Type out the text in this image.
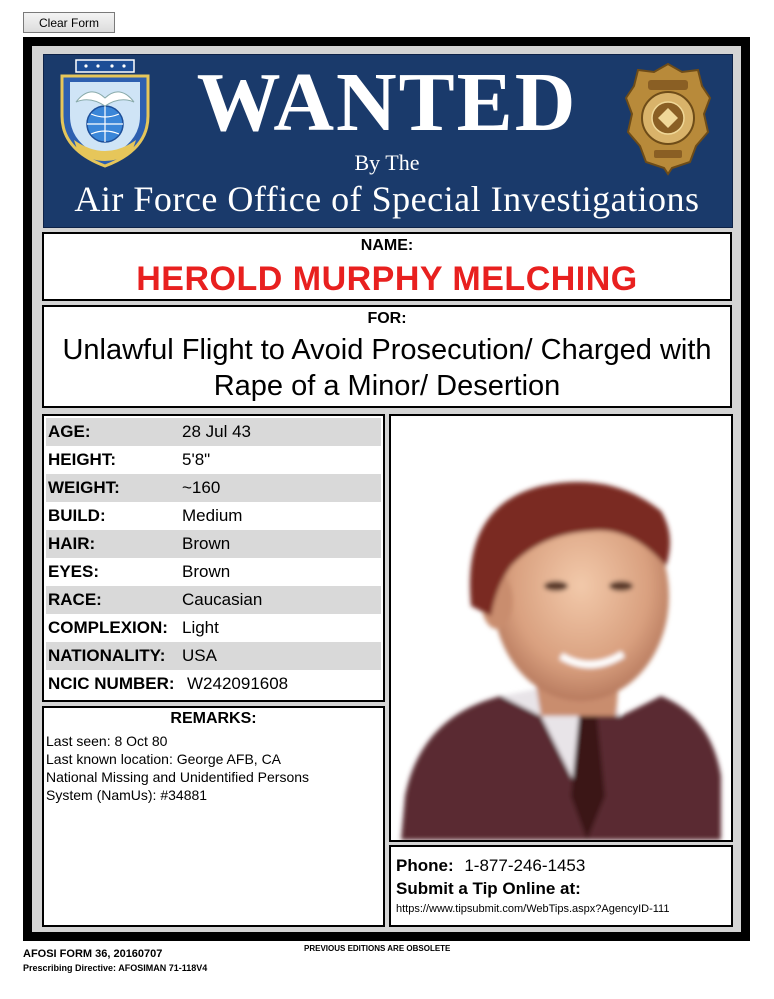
Clear Form
WANTED
By The
Air Force Office of Special Investigations
NAME:
HEROLD MURPHY MELCHING
FOR:
Unlawful Flight to Avoid Prosecution/ Charged with Rape of a Minor/ Desertion
AGE:	28 Jul 43
HEIGHT:	5'8"
WEIGHT:	~160
BUILD:	Medium
HAIR:	Brown
EYES:	Brown
RACE:	Caucasian
COMPLEXION: Light
NATIONALITY: USA
NCIC NUMBER: W242091608
REMARKS:
Last seen: 8 Oct 80
Last known location: George AFB, CA
National Missing and Unidentified Persons
System (NamUs): #34881
Phone: 1-877-246-1453
Submit a Tip Online at:
https://www.tipsubmit.com/WebTips.aspx?AgencyID-111
AFOSI FORM 36, 20160707
Prescribing Directive: AFOSIMAN 71-118V4
PREVIOUS EDITIONS ARE OBSOLETE
